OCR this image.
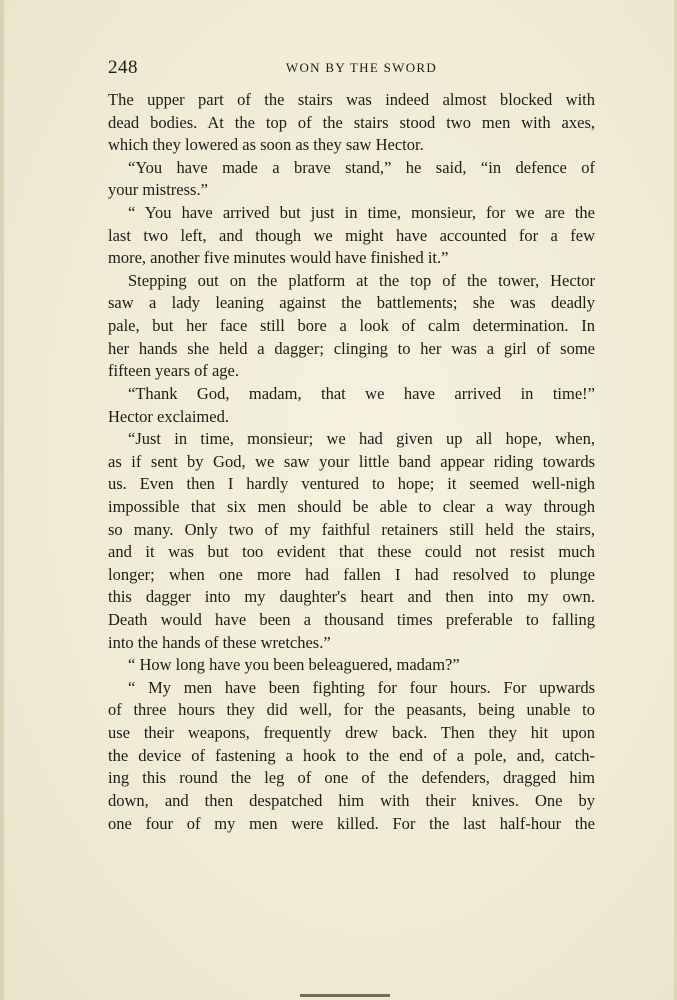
248	WON BY THE SWORD
The upper part of the stairs was indeed almost blocked with
dead bodies. At the top of the stairs stood two men with axes,
which they lowered as soon as they saw Hector.
“You have made a brave stand,” he said, “in defence of
your mistress.”
“ You have arrived but just in time, monsieur, for we are the
last two left, and though we might have accounted for a few
more, another five minutes would have finished it.”
Stepping out on the platform at the top of the tower, Hector
saw a lady leaning against the battlements; she was deadly
pale, but her face still bore a look of calm determination. In
her hands she held a dagger; clinging to her was a girl of some
fifteen years of age.
“Thank God, madam, that we have arrived in time!”
Hector exclaimed.
“Just in time, monsieur; we had given up all hope, when,
as if sent by God, we saw your little band appear riding towards
us. Even then I hardly ventured to hope; it seemed well-nigh
impossible that six men should be able to clear a way through
so many. Only two of my faithful retainers still held the stairs,
and it was but too evident that these could not resist much
longer; when one more had fallen I had resolved to plunge
this dagger into my daughter's heart and then into my own.
Death would have been a thousand times preferable to falling
into the hands of these wretches.”
“ How long have you been beleaguered, madam?”
“ My men have been fighting for four hours. For upwards
of three hours they did well, for the peasants, being unable to
use their weapons, frequently drew back. Then they hit upon
the device of fastening a hook to the end of a pole, and, catch-
ing this round the leg of one of the defenders, dragged him
down, and then despatched him with their knives. One by
one four of my men were killed. For the last half-hour the
